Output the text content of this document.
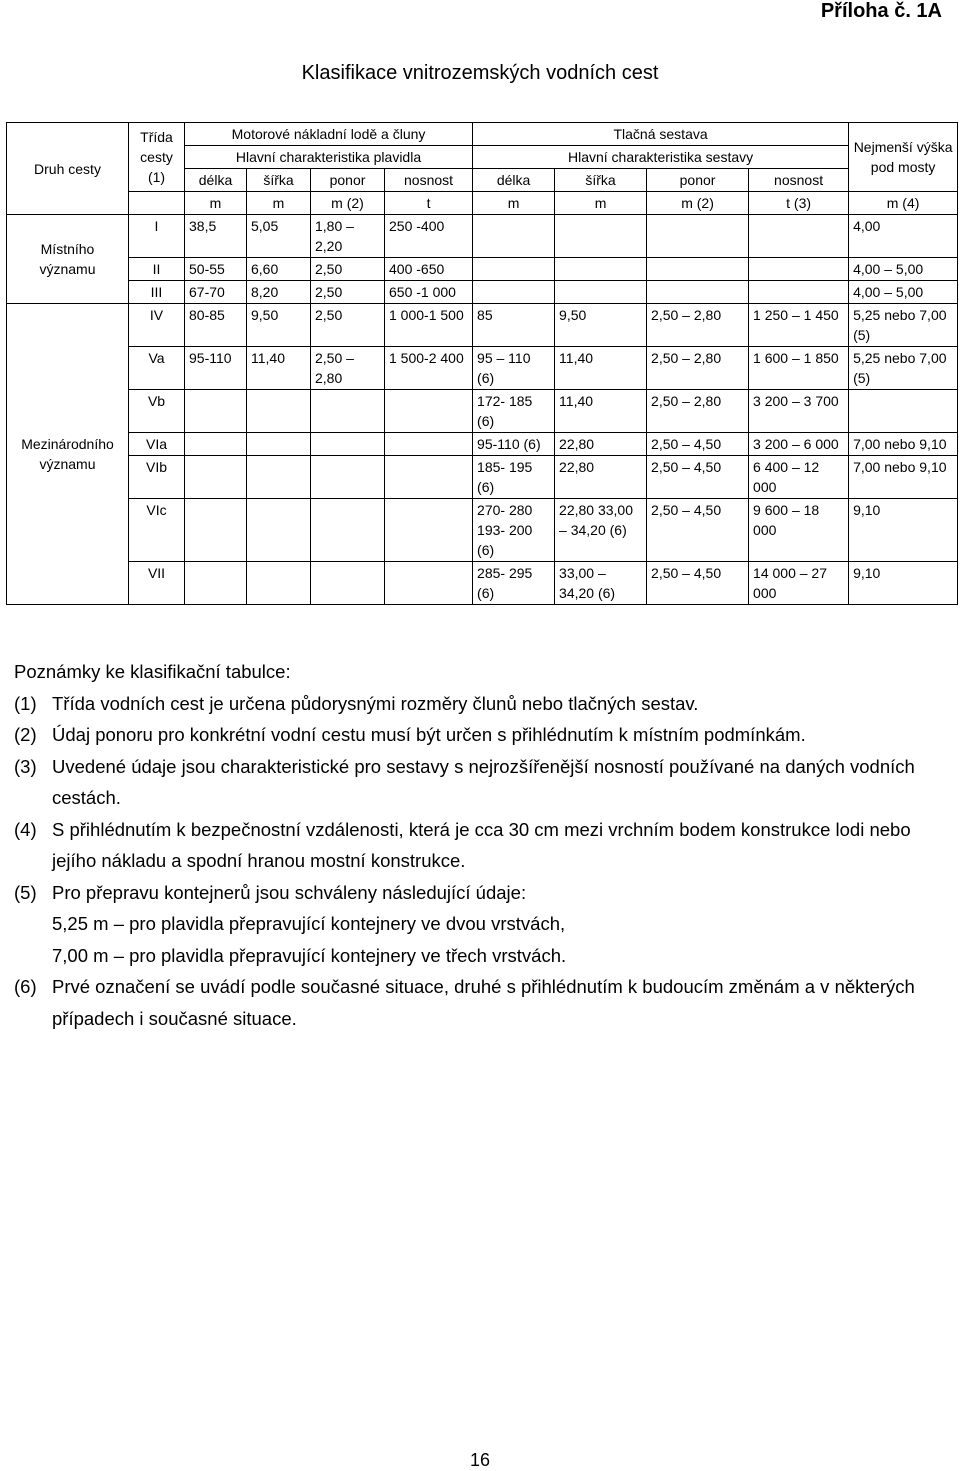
Příloha č. 1A
Klasifikace vnitrozemských vodních cest
Druh cesty	Třída cesty (1)	Motorové nákladní lodě a čluny				Tlačná sestava				Nejmenší výška pod mosty
		Hlavní charakteristika plavidla				Hlavní charakteristika sestavy				
		délka	šířka	ponor	nosnost	délka	šířka	ponor	nosnost	
		m	m	m (2)	t	m	m	m (2)	t (3)	m (4)
Místního významu	I	38,5	5,05	1,80 – 2,20	250 -400					4,00
	II	50-55	6,60	2,50	400 -650					4,00 – 5,00
	III	67-70	8,20	2,50	650 -1 000					4,00 – 5,00
Mezinárodního významu	IV	80-85	9,50	2,50	1 000-1 500	85	9,50	2,50 – 2,80	1 250 – 1 450	5,25 nebo 7,00 (5)
	Va	95-110	11,40	2,50 – 2,80	1 500-2 400	95 – 110 (6)	11,40	2,50 – 2,80	1 600 – 1 850	5,25 nebo 7,00 (5)
	Vb					172- 185 (6)	11,40	2,50 – 2,80	3 200 – 3 700	
	VIa					95-110 (6)	22,80	2,50 – 4,50	3 200 – 6 000	7,00 nebo 9,10
	VIb					185- 195 (6)	22,80	2,50 – 4,50	6 400 – 12 000	7,00 nebo 9,10
	VIc					270- 280 193- 200 (6)	22,80 33,00 – 34,20 (6)	2,50 – 4,50	9 600 – 18 000	9,10
	VII					285- 295 (6)	33,00 – 34,20 (6)	2,50 – 4,50	14 000 – 27 000	9,10

Poznámky ke klasifikační tabulce:

(1) Třída vodních cest je určena půdorysnými rozměry člunů nebo tlačných sestav.
(2) Údaj ponoru pro konkrétní vodní cestu musí být určen s přihlédnutím k místním podmínkám.
(3) Uvedené údaje jsou charakteristické pro sestavy s nejrozšířenější nosností používané na daných vodních cestách.
(4) S přihlédnutím k bezpečnostní vzdálenosti, která je cca 30 cm mezi vrchním bodem konstrukce lodi nebo jejího nákladu a spodní hranou mostní konstrukce.
(5) Pro přepravu kontejnerů jsou schváleny následující údaje:
5,25 m – pro plavidla přepravující kontejnery ve dvou vrstvách,
7,00 m – pro plavidla přepravující kontejnery ve třech vrstvách.
(6) Prvé označení se uvádí podle současné situace, druhé s přihlédnutím k budoucím změnám a v některých případech i současné situace.
16
